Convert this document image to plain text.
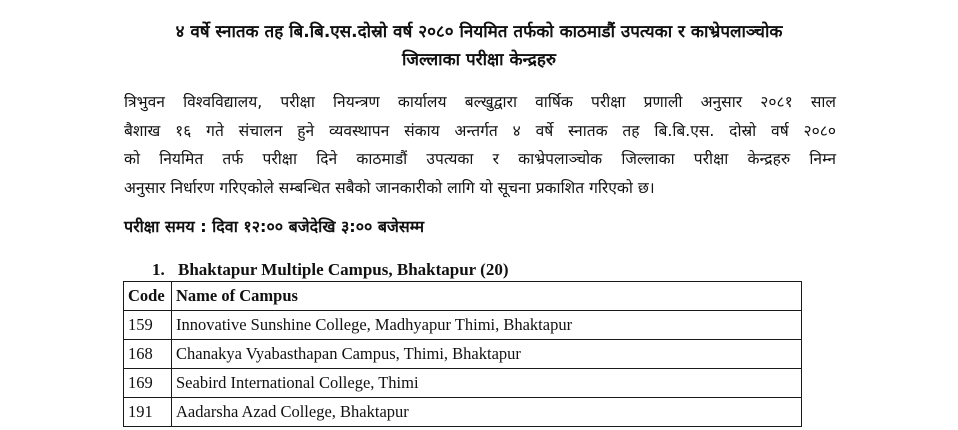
४ वर्षे स्नातक तह बि.बि.एस.दोस्रो वर्ष २०८० नियमित तर्फको काठमाडौं उपत्यका र काभ्रेपलाञ्चोक
जिल्लाका परीक्षा केन्द्रहरु
त्रिभुवन विश्वविद्यालय, परीक्षा नियन्त्रण कार्यालय बल्खुद्वारा वार्षिक परीक्षा प्रणाली अनुसार २०८१ साल
बैशाख १६ गते संचालन हुने व्यवस्थापन संकाय अन्तर्गत ४ वर्षे स्नातक तह बि.बि.एस. दोस्रो वर्ष २०८०
को नियमित तर्फ परीक्षा दिने काठमाडौं उपत्यका र काभ्रेपलाञ्चोक जिल्लाका परीक्षा केन्द्रहरु निम्न
अनुसार निर्धारण गरिएकोले सम्बन्धित सबैको जानकारीको लागि यो सूचना प्रकाशित गरिएको छ।
परीक्षा समय : दिवा १२:०० बजेदेखि ३:०० बजेसम्म
1. Bhaktapur Multiple Campus, Bhaktapur (20)
Code	Name of Campus
159	Innovative Sunshine College, Madhyapur Thimi, Bhaktapur
168	Chanakya Vyabasthapan Campus, Thimi, Bhaktapur
169	Seabird International College, Thimi
191	Aadarsha Azad College, Bhaktapur
